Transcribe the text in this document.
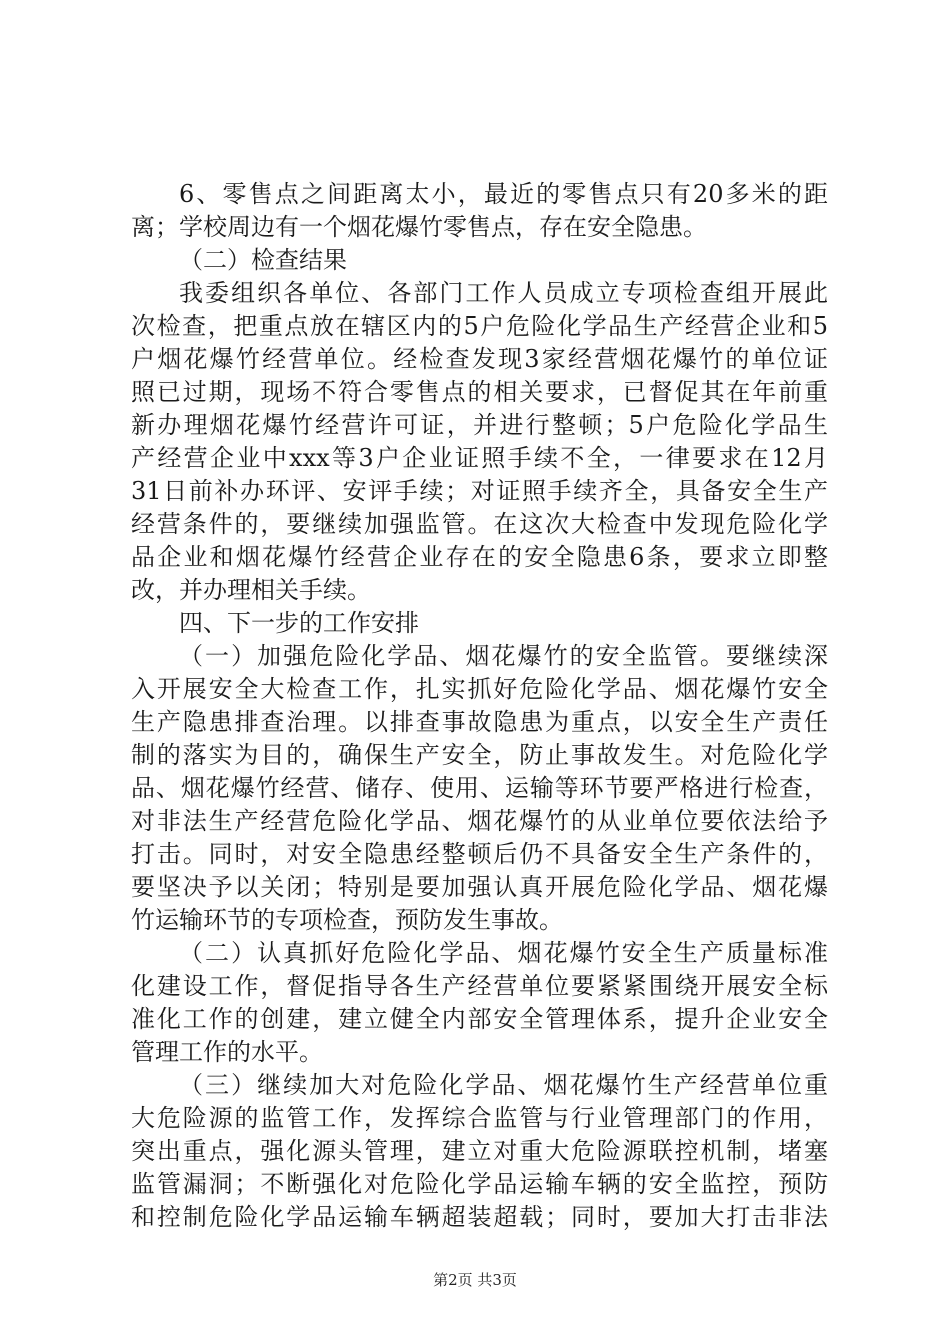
6、零售点之间距离太小，最近的零售点只有20多米的距
离；学校周边有一个烟花爆竹零售点，存在安全隐患。
（二）检查结果
我委组织各单位、各部门工作人员成立专项检查组开展此
次检查，把重点放在辖区内的5户危险化学品生产经营企业和5
户烟花爆竹经营单位。经检查发现3家经营烟花爆竹的单位证
照已过期，现场不符合零售点的相关要求，已督促其在年前重
新办理烟花爆竹经营许可证，并进行整顿；5户危险化学品生
产经营企业中xxx等3户企业证照手续不全，一律要求在12月
31日前补办环评、安评手续；对证照手续齐全，具备安全生产
经营条件的，要继续加强监管。在这次大检查中发现危险化学
品企业和烟花爆竹经营企业存在的安全隐患6条，要求立即整
改，并办理相关手续。
四、下一步的工作安排
（一）加强危险化学品、烟花爆竹的安全监管。要继续深
入开展安全大检查工作，扎实抓好危险化学品、烟花爆竹安全
生产隐患排查治理。以排查事故隐患为重点，以安全生产责任
制的落实为目的，确保生产安全，防止事故发生。对危险化学
品、烟花爆竹经营、储存、使用、运输等环节要严格进行检查，
对非法生产经营危险化学品、烟花爆竹的从业单位要依法给予
打击。同时，对安全隐患经整顿后仍不具备安全生产条件的，
要坚决予以关闭；特别是要加强认真开展危险化学品、烟花爆
竹运输环节的专项检查，预防发生事故。
（二）认真抓好危险化学品、烟花爆竹安全生产质量标准
化建设工作，督促指导各生产经营单位要紧紧围绕开展安全标
准化工作的创建，建立健全内部安全管理体系，提升企业安全
管理工作的水平。
（三）继续加大对危险化学品、烟花爆竹生产经营单位重
大危险源的监管工作，发挥综合监管与行业管理部门的作用，
突出重点，强化源头管理，建立对重大危险源联控机制，堵塞
监管漏洞；不断强化对危险化学品运输车辆的安全监控，预防
和控制危险化学品运输车辆超装超载；同时，要加大打击非法
第2页 共3页
